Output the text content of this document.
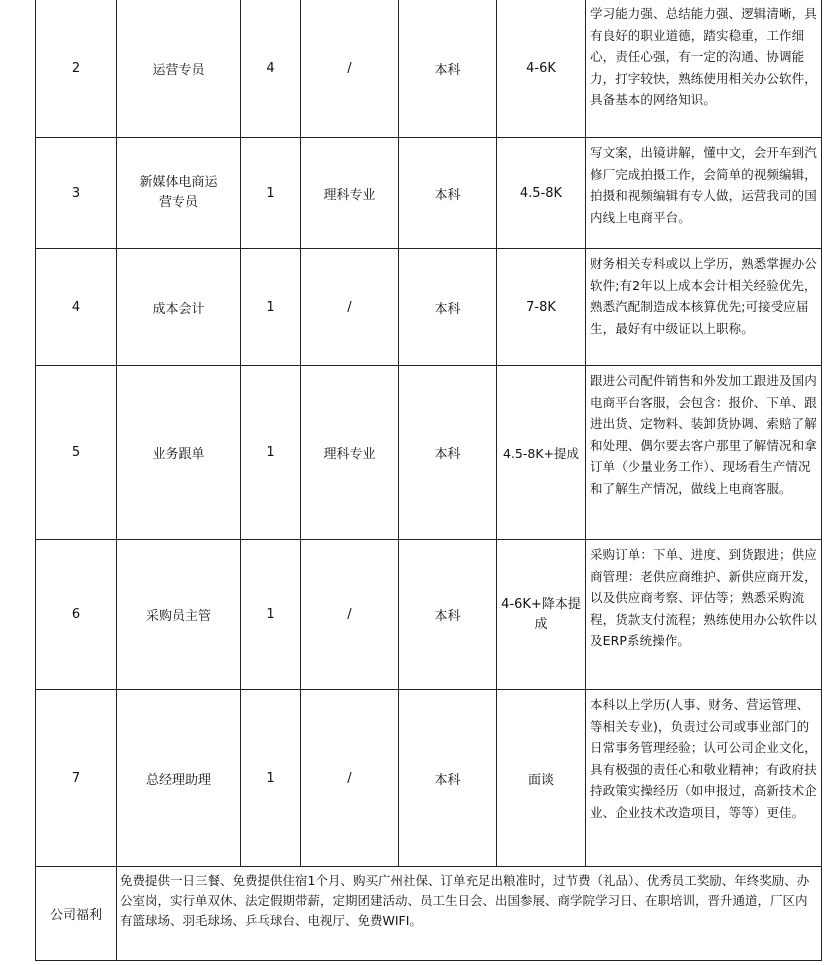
2	运营专员	4	/	本科	4-6K	学习能力强、总结能力强、逻辑清晰，具有良好的职业道德，踏实稳重，工作细心，责任心强，有一定的沟通、协调能力，打字较快，熟练使用相关办公软件，具备基本的网络知识。
3	新媒体电商运营专员	1	理科专业	本科	4.5-8K	写文案，出镜讲解，懂中文，会开车到汽修厂完成拍摄工作，会简单的视频编辑，拍摄和视频编辑有专人做，运营我司的国内线上电商平台。
4	成本会计	1	/	本科	7-8K	财务相关专科或以上学历，熟悉掌握办公软件;有2年以上成本会计相关经验优先，熟悉汽配制造成本核算优先;可接受应届生，最好有中级证以上职称。
5	业务跟单	1	理科专业	本科	4.5-8K+提成	跟进公司配件销售和外发加工跟进及国内电商平台客服，会包含：报价、下单、跟进出货、定物料、装卸货协调、索赔了解和处理、偶尔要去客户那里了解情况和拿订单（少量业务工作）、现场看生产情况和了解生产情况，做线上电商客服。
6	采购员主管	1	/	本科	4-6K+降本提成	采购订单：下单、进度、到货跟进；供应商管理：老供应商维护、新供应商开发，以及供应商考察、评估等；熟悉采购流程，货款支付流程；熟练使用办公软件以及ERP系统操作。
7	总经理助理	1	/	本科	面谈	本科以上学历(人事、财务、营运管理、等相关专业)，负责过公司或事业部门的日常事务管理经验；认可公司企业文化，具有极强的责任心和敬业精神；有政府扶持政策实操经历（如申报过，高新技术企业、企业技术改造项目，等等）更佳。
公司福利	免费提供一日三餐、免费提供住宿1个月、购买广州社保、订单充足出粮准时，过节费（礼品）、优秀员工奖励、年终奖励、办公室岗，实行单双休、法定假期带薪，定期团建活动、员工生日会、出国参展、商学院学习日、在职培训，晋升通道，厂区内有篮球场、羽毛球场、乒乓球台、电视厅、免费WIFI。					
